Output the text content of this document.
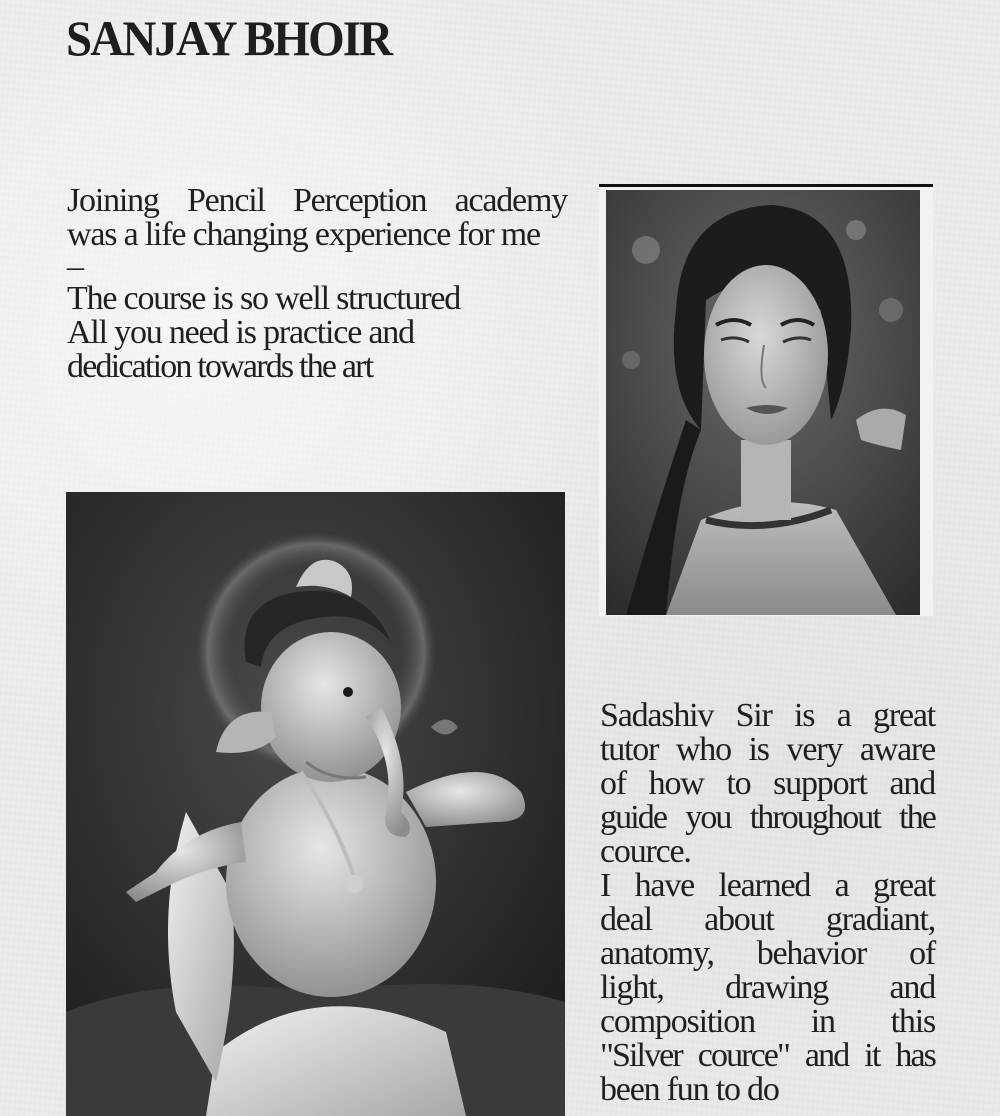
SANJAY BHOIR

Joining Pencil Perception academy

was a life changing experience for me

–

The course is so well structured

All you need is practice and

dedication towards the art

Sadashiv Sir is a great

tutor who is very aware

of how to support and

guide you throughout the

cource.

I have learned a great

deal about gradiant,

anatomy, behavior of

light, drawing and

composition in this

"Silver cource" and it has

been fun to do
